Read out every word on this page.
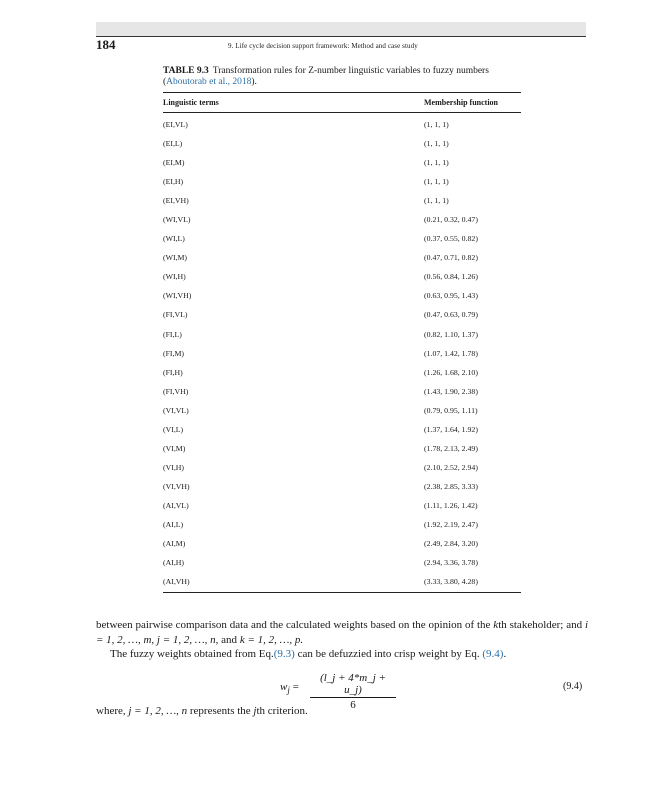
184	9. Life cycle decision support framework: Method and case study
TABLE 9.3 Transformation rules for Z-number linguistic variables to fuzzy numbers (Aboutorab et al., 2018).
Linguistic terms	Membership function
(EI,VL)	(1, 1, 1)
(EI,L)	(1, 1, 1)
(EI,M)	(1, 1, 1)
(EI,H)	(1, 1, 1)
(EI,VH)	(1, 1, 1)
(WI,VL)	(0.21, 0.32, 0.47)
(WI,L)	(0.37, 0.55, 0.82)
(WI,M)	(0.47, 0.71, 0.82)
(WI,H)	(0.56, 0.84, 1.26)
(WI,VH)	(0.63, 0.95, 1.43)
(FI,VL)	(0.47, 0.63, 0.79)
(FI,L)	(0.82, 1.10, 1.37)
(FI,M)	(1.07, 1.42, 1.78)
(FI,H)	(1.26, 1.68, 2.10)
(FI,VH)	(1.43, 1.90, 2.38)
(VI,VL)	(0.79, 0.95, 1.11)
(VI,L)	(1.37, 1.64, 1.92)
(VI,M)	(1.78, 2.13, 2.49)
(VI,H)	(2.10, 2.52, 2.94)
(VI,VH)	(2.38, 2.85, 3.33)
(AI,VL)	(1.11, 1.26, 1.42)
(AI,L)	(1.92, 2.19, 2.47)
(AI,M)	(2.49, 2.84, 3.20)
(AI,H)	(2.94, 3.36, 3.78)
(AI,VH)	(3.33, 3.80, 4.28)

between pairwise comparison data and the calculated weights based on the opinion of the kth stakeholder; and i = 1, 2, …, m, j = 1, 2, …, n, and k = 1, 2, …, p.

The fuzzy weights obtained from Eq.(9.3) can be defuzzied into crisp weight by Eq. (9.4).

$w_j$ =
(l_j + 4*m_j + u_j)
6
(9.4)
where, j = 1, 2, …, n represents the jth criterion.
